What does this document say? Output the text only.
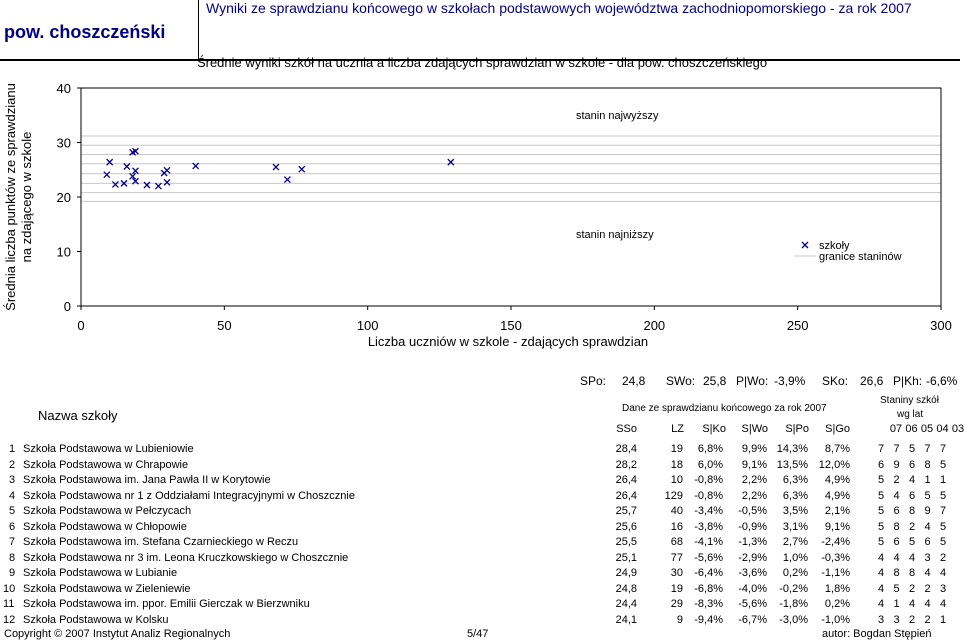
pow. choszczeński
Wyniki ze sprawdzianu końcowego w szkołach podstawowych województwa zachodniopomorskiego - za rok 2007
Średnie wyniki szkół na ucznia a liczba zdających sprawdzian w szkole - dla pow. choszczeńskiego
Średnia liczba punktów ze sprawdzianu na zdającego w szkole
Liczba uczniów w szkole - zdających sprawdzian
0	50	100	150	200	250	300
0
10
20
30
40
stanin najwyższy
stanin najniższy
szkoły
granice staninów
SPo: 24,8 SWo: 25,8 P|Wo: -3,9% SKo: 26,6 P|Kh: -6,6%
Nazwa szkoły	Dane ze sprawdzianu końcowego za rok 2007
Staniny szkół
wg lat
SSo	LZ S|Ko S|Wo S|Po S|Go	07 06 05 04 03
1 Szkoła Podstawowa w Lubieniowie	28,4	19 6,8% 9,9% 14,3% 8,7%	7 7 5 7 7
2 Szkoła Podstawowa w Chrapowie	28,2	18 6,0% 9,1% 13,5% 12,0%	6 9 6 8 5
3 Szkoła Podstawowa im. Jana Pawła II w Korytowie	26,4	10 -0,8% 2,2% 6,3% 4,9%	5 2 4 1 1
4 Szkoła Podstawowa nr 1 z Oddziałami Integracyjnymi w Choszcznie	26,4	129 -0,8% 2,2% 6,3% 4,9%	5 4 6 5 5
5 Szkoła Podstawowa w Pełczycach	25,7	40 -3,4% -0,5% 3,5% 2,1%	5 6 8 9 7
6 Szkoła Podstawowa w Chłopowie	25,6	16 -3,8% -0,9% 3,1% 9,1%	5 8 2 4 5
7 Szkoła Podstawowa im. Stefana Czarnieckiego w Reczu	25,5	68 -4,1% -1,3% 2,7% -2,4%	5 6 5 6 5
8 Szkoła Podstawowa nr 3 im. Leona Kruczkowskiego w Choszcznie	25,1	77 -5,6% -2,9% 1,0% -0,3%	4 4 4 3 2
9 Szkoła Podstawowa w Lubianie	24,9	30 -6,4% -3,6% 0,2% -1,1%	4 8 8 4 4
10 Szkoła Podstawowa w Zieleniewie	24,8	19 -6,8% -4,0% -0,2% 1,8%	4 5 2 2 3
11 Szkoła Podstawowa im. ppor. Emilii Gierczak w Bierzwniku	24,4	29 -8,3% -5,6% -1,8% 0,2%	4 1 4 4 4
12 Szkoła Podstawowa w Kolsku	24,1	9 -9,4% -6,7% -3,0% -1,0%	3 3 2 2 1
Copyright © 2007 Instytut Analiz Regionalnych	5/47	autor: Bogdan Stępień
